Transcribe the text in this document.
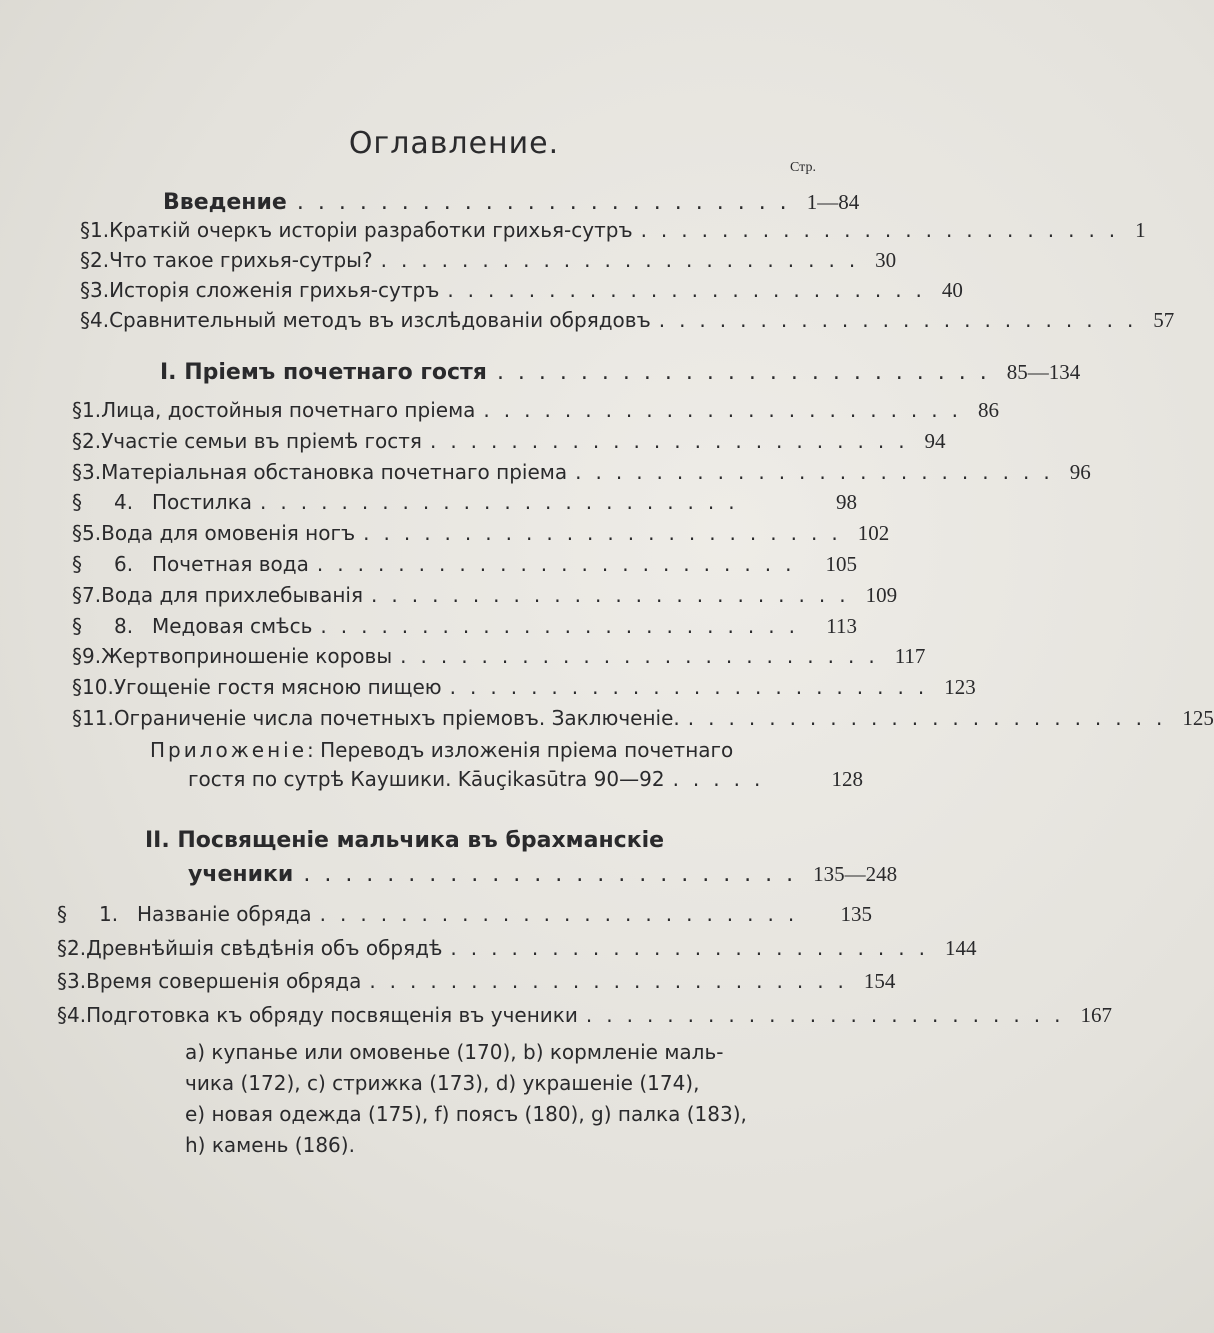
Оглавление.
Стр.
Введение ........................ 1—84
§ 1. Краткій очеркъ исторіи разработки грихья-сутръ ........................ 1
§ 2. Что такое грихья-сутры? ........................ 30
§ 3. Исторія сложенія грихья-сутръ ........................ 40
§ 4. Сравнительный методъ въ изслѣдованіи обрядовъ ........................ 57
I. Пріемъ почетнаго гостя ........................ 85—134
§ 1. Лица, достойныя почетнаго пріема ........................ 86
§ 2. Участіе семьи въ пріемѣ гостя ........................ 94
§ 3. Матеріальная обстановка почетнаго пріема ........................ 96
§	4. Постилка ........................	98
§ 5. Вода для омовенія ногъ ........................ 102
§	6. Почетная вода ........................ 105
§ 7. Вода для прихлебыванія ........................ 109
§	8. Медовая смѣсь ........................ 113
§ 9. Жертвоприношеніе коровы ........................ 117
§ 10. Угощеніе гостя мясною пищею ........................ 123
§ 11. Ограниченіе числа почетныхъ пріемовъ. Заключеніе. ........................ 125
Приложеніе: Переводъ изложенія пріема почетнаго
гостя по сутрѣ Каушики. Kāuçikasūtra 90—92 .....	128
II. Посвященіе мальчика въ брахманскіе
ученики ........................ 135—248
§	1. Названіе обряда ........................	135
§ 2. Древнѣйшія свѣдѣнія объ обрядѣ ........................ 144
§ 3. Время совершенія обряда ........................ 154
§ 4. Подготовка къ обряду посвященія въ ученики ........................ 167
a) купанье или омовенье (170), b) кормленіе маль-
чика (172), c) стрижка (173), d) украшеніе (174),
e) новая одежда (175), f) поясъ (180), g) палка (183),
h) камень (186).
